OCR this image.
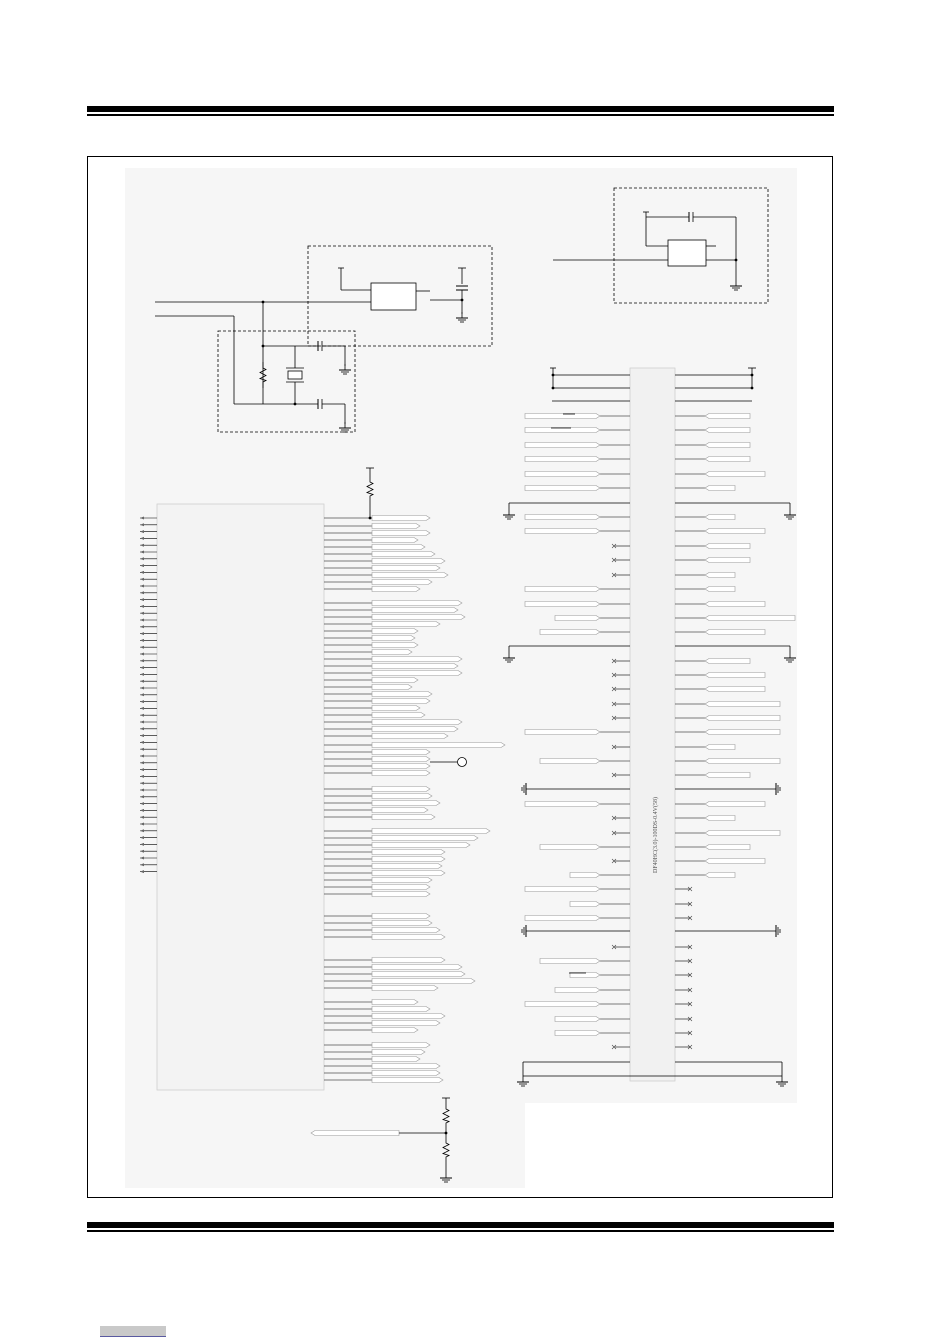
DF40HC(3.0)-100DS-0.4V(58)
